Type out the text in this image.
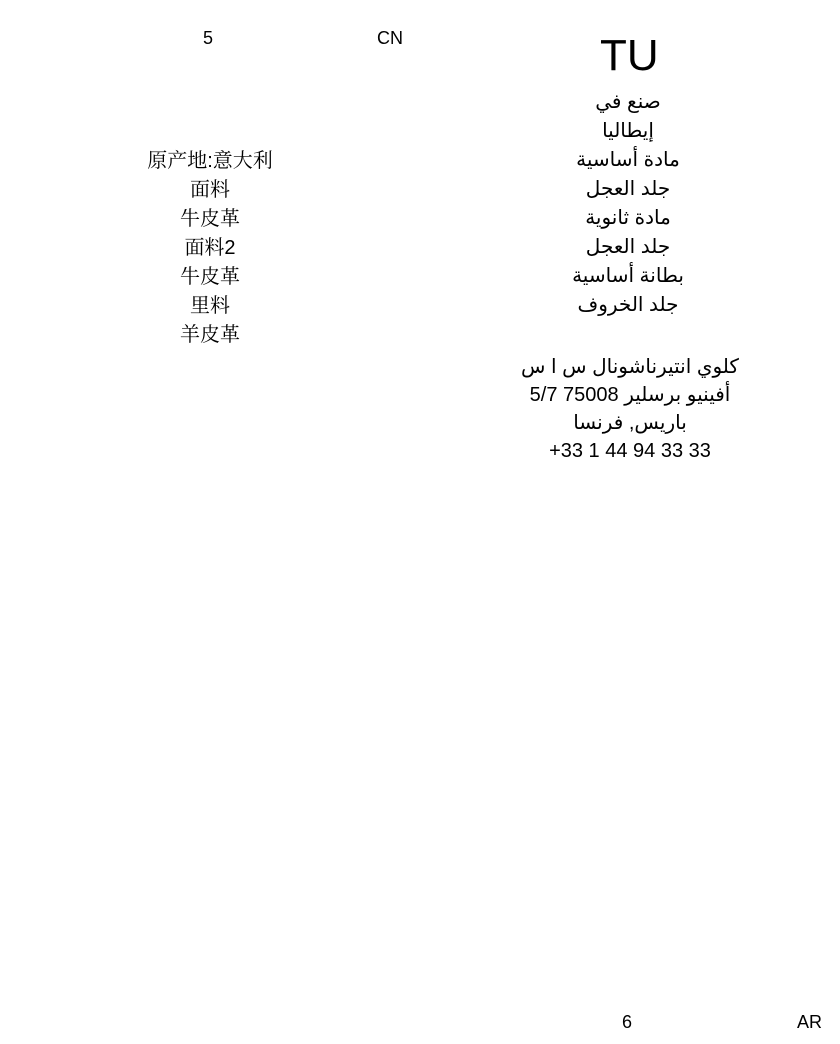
5	CN	TU
原产地:意大利
面料
牛皮革
面料2
牛皮革
里料
羊皮革
صنع في
إيطاليا
مادة أساسية
جلد العجل
مادة ثانوية
جلد العجل
بطانة أساسية
جلد الخروف
كلوي انتيرناشونال س ا س
أفينيو برسلير 75008 5/7
باريس, فرنسا
+33 1 44 94 33 33
6	AR
